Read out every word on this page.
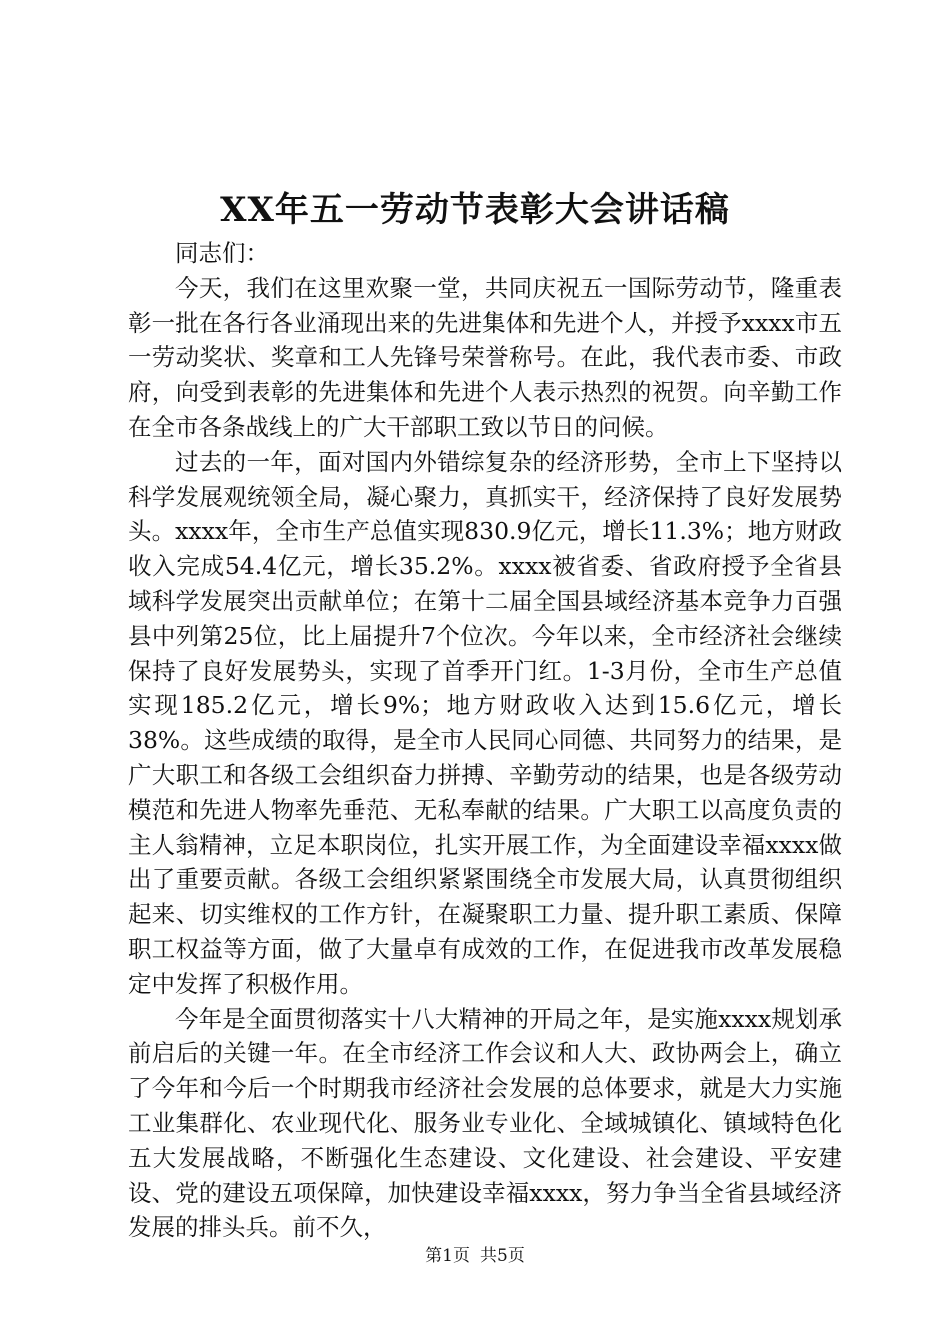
XX年五一劳动节表彰大会讲话稿

同志们：

今天，我们在这里欢聚一堂，共同庆祝五一国际劳动节，隆重表彰一批在各行各业涌现出来的先进集体和先进个人，并授予xxxx市五一劳动奖状、奖章和工人先锋号荣誉称号。在此，我代表市委、市政府，向受到表彰的先进集体和先进个人表示热烈的祝贺。向辛勤工作在全市各条战线上的广大干部职工致以节日的问候。

过去的一年，面对国内外错综复杂的经济形势，全市上下坚持以科学发展观统领全局，凝心聚力，真抓实干，经济保持了良好发展势头。xxxx年，全市生产总值实现830.9亿元，增长11.3%；地方财政收入完成54.4亿元，增长35.2%。xxxx被省委、省政府授予全省县域科学发展突出贡献单位；在第十二届全国县域经济基本竞争力百强县中列第25位，比上届提升7个位次。今年以来，全市经济社会继续保持了良好发展势头，实现了首季开门红。1-3月份，全市生产总值实现185.2亿元，增长9%；地方财政收入达到15.6亿元，增长38%。这些成绩的取得，是全市人民同心同德、共同努力的结果，是广大职工和各级工会组织奋力拼搏、辛勤劳动的结果，也是各级劳动模范和先进人物率先垂范、无私奉献的结果。广大职工以高度负责的主人翁精神，立足本职岗位，扎实开展工作，为全面建设幸福xxxx做出了重要贡献。各级工会组织紧紧围绕全市发展大局，认真贯彻组织起来、切实维权的工作方针，在凝聚职工力量、提升职工素质、保障职工权益等方面，做了大量卓有成效的工作，在促进我市改革发展稳定中发挥了积极作用。

今年是全面贯彻落实十八大精神的开局之年，是实施xxxx规划承前启后的关键一年。在全市经济工作会议和人大、政协两会上，确立了今年和今后一个时期我市经济社会发展的总体要求，就是大力实施工业集群化、农业现代化、服务业专业化、全域城镇化、镇域特色化五大发展战略，不断强化生态建设、文化建设、社会建设、平安建设、党的建设五项保障，加快建设幸福xxxx，努力争当全省县域经济发展的排头兵。前不久，

第1页 共5页
